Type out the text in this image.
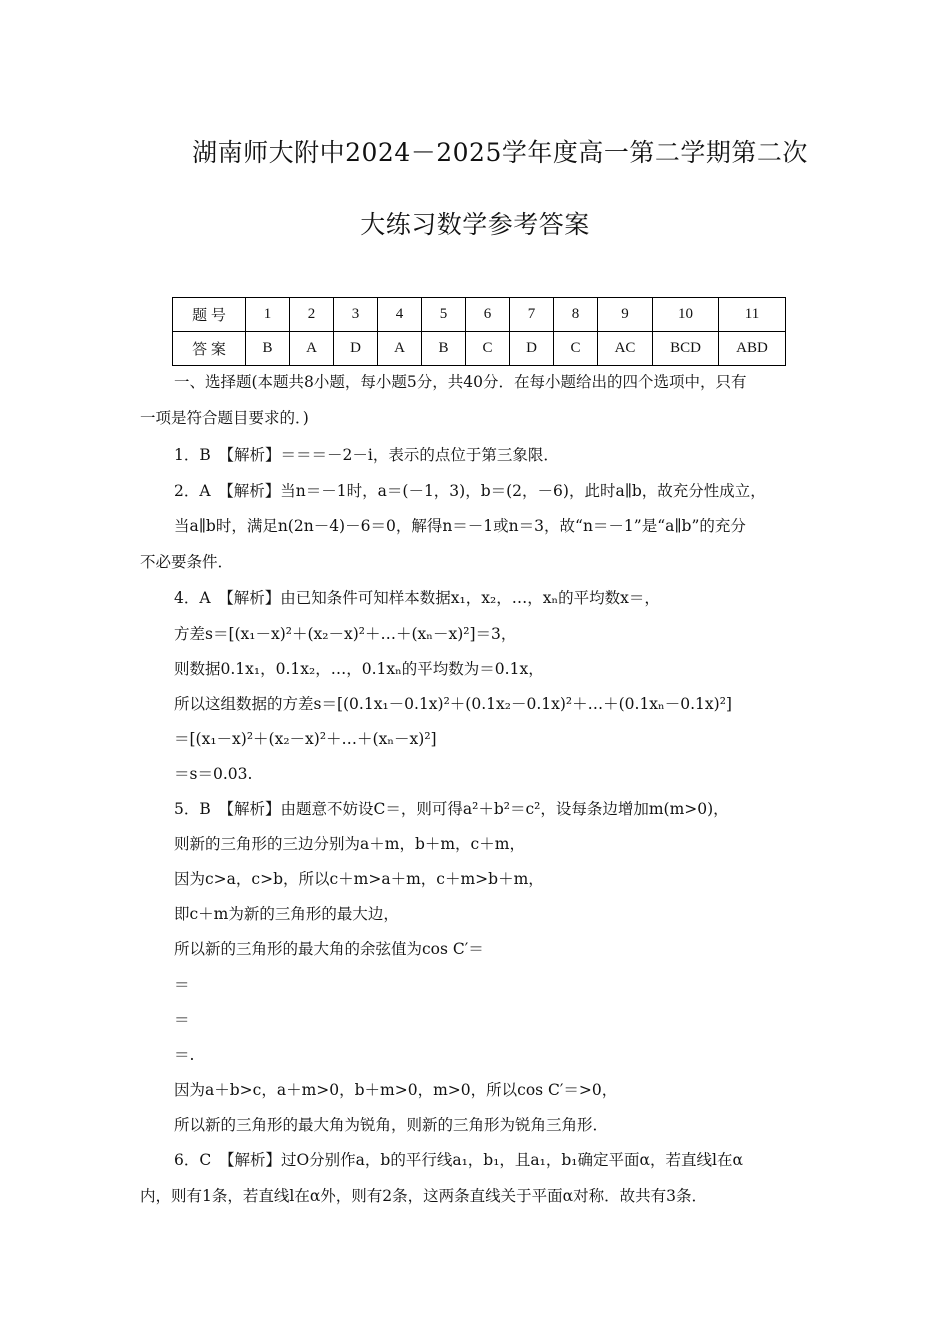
湖南师大附中2024－2025学年度高一第二学期第二次
大练习数学参考答案
题 号	1	2	3	4	5	6	7	8	9	10	11
答 案	B	A	D	A	B	C	D	C	AC	BCD	ABD
一、选择题(本题共8小题，每小题5分，共40分．在每小题给出的四个选项中，只有
一项是符合题目要求的．)
1．B　【解析】＝＝＝－2－i，表示的点位于第三象限．
2．A　【解析】当n＝－1时，a＝(－1，3)，b＝(2，－6)，此时a∥b，故充分性成立，
当a∥b时，满足n(2n－4)－6＝0，解得n＝－1或n＝3，故“n＝－1”是“a∥b”的充分
不必要条件．
4．A　【解析】由已知条件可知样本数据x₁，x₂，…，xₙ的平均数x＝，
方差s＝[(x₁－x)²＋(x₂－x)²＋…＋(xₙ－x)²]＝3，
则数据0.1x₁，0.1x₂，…，0.1xₙ的平均数为＝0.1x，
所以这组数据的方差s＝[(0.1x₁－0.1x)²＋(0.1x₂－0.1x)²＋…＋(0.1xₙ－0.1x)²]
＝[(x₁－x)²＋(x₂－x)²＋…＋(xₙ－x)²]
＝s＝0.03.
5．B　【解析】由题意不妨设C＝，则可得a²＋b²＝c²，设每条边增加m(m>0)，
则新的三角形的三边分别为a＋m，b＋m，c＋m，
因为c>a，c>b，所以c＋m>a＋m，c＋m>b＋m，
即c＋m为新的三角形的最大边，
所以新的三角形的最大角的余弦值为cos C′＝
＝
＝
＝.
因为a＋b>c，a＋m>0，b＋m>0，m>0，所以cos C′＝>0，
所以新的三角形的最大角为锐角，则新的三角形为锐角三角形．
6．C　【解析】过O分别作a，b的平行线a₁，b₁，且a₁，b₁确定平面α，若直线l在α
内，则有1条，若直线l在α外，则有2条，这两条直线关于平面α对称．故共有3条．
